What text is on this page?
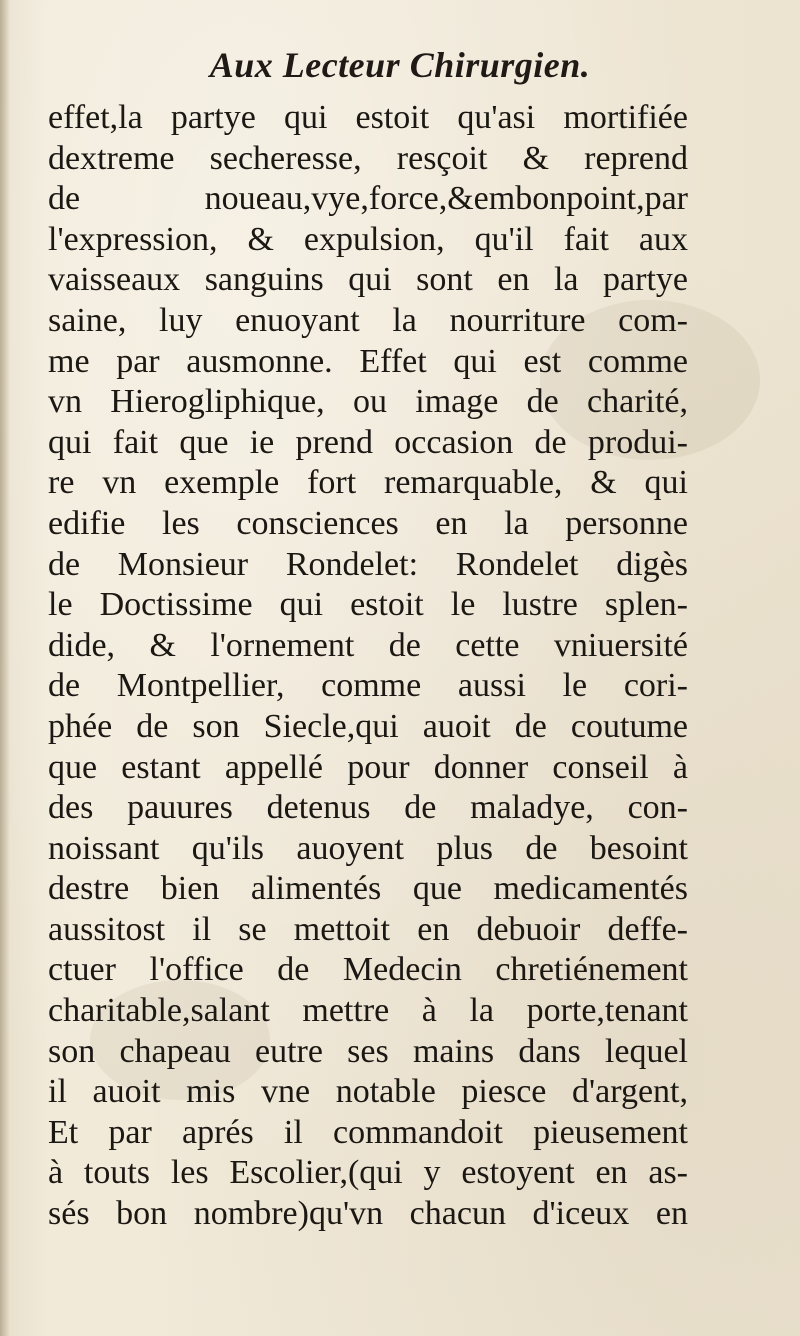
Aux Lecteur Chirurgien.
effet,la partye qui estoit qu'asi mortifiée
dextreme secheresse, resçoit & reprend
de noueau,vye,force,&embonpoint,par
l'expression, & expulsion, qu'il fait aux
vaisseaux sanguins qui sont en la partye
saine, luy enuoyant la nourriture com-
me par ausmonne. Effet qui est comme
vn Hierogliphique, ou image de charité,
qui fait que ie prend occasion de produi-
re vn exemple fort remarquable, & qui
edifie les consciences en la personne
de Monsieur Rondelet: Rondelet digès
le Doctissime qui estoit le lustre splen-
dide, & l'ornement de cette vniuersité
de Montpellier, comme aussi le cori-
phée de son Siecle,qui auoit de coutume
que estant appellé pour donner conseil à
des pauures detenus de maladye, con-
noissant qu'ils auoyent plus de besoint
destre bien alimentés que medicamentés
aussitost il se mettoit en debuoir deffe-
ctuer l'office de Medecin chretiénement
charitable,salant mettre à la porte,tenant
son chapeau eutre ses mains dans lequel
il auoit mis vne notable piesce d'argent,
Et par aprés il commandoit pieusement
à touts les Escolier,(qui y estoyent en as-
sés bon nombre)qu'vn chacun d'iceux en
